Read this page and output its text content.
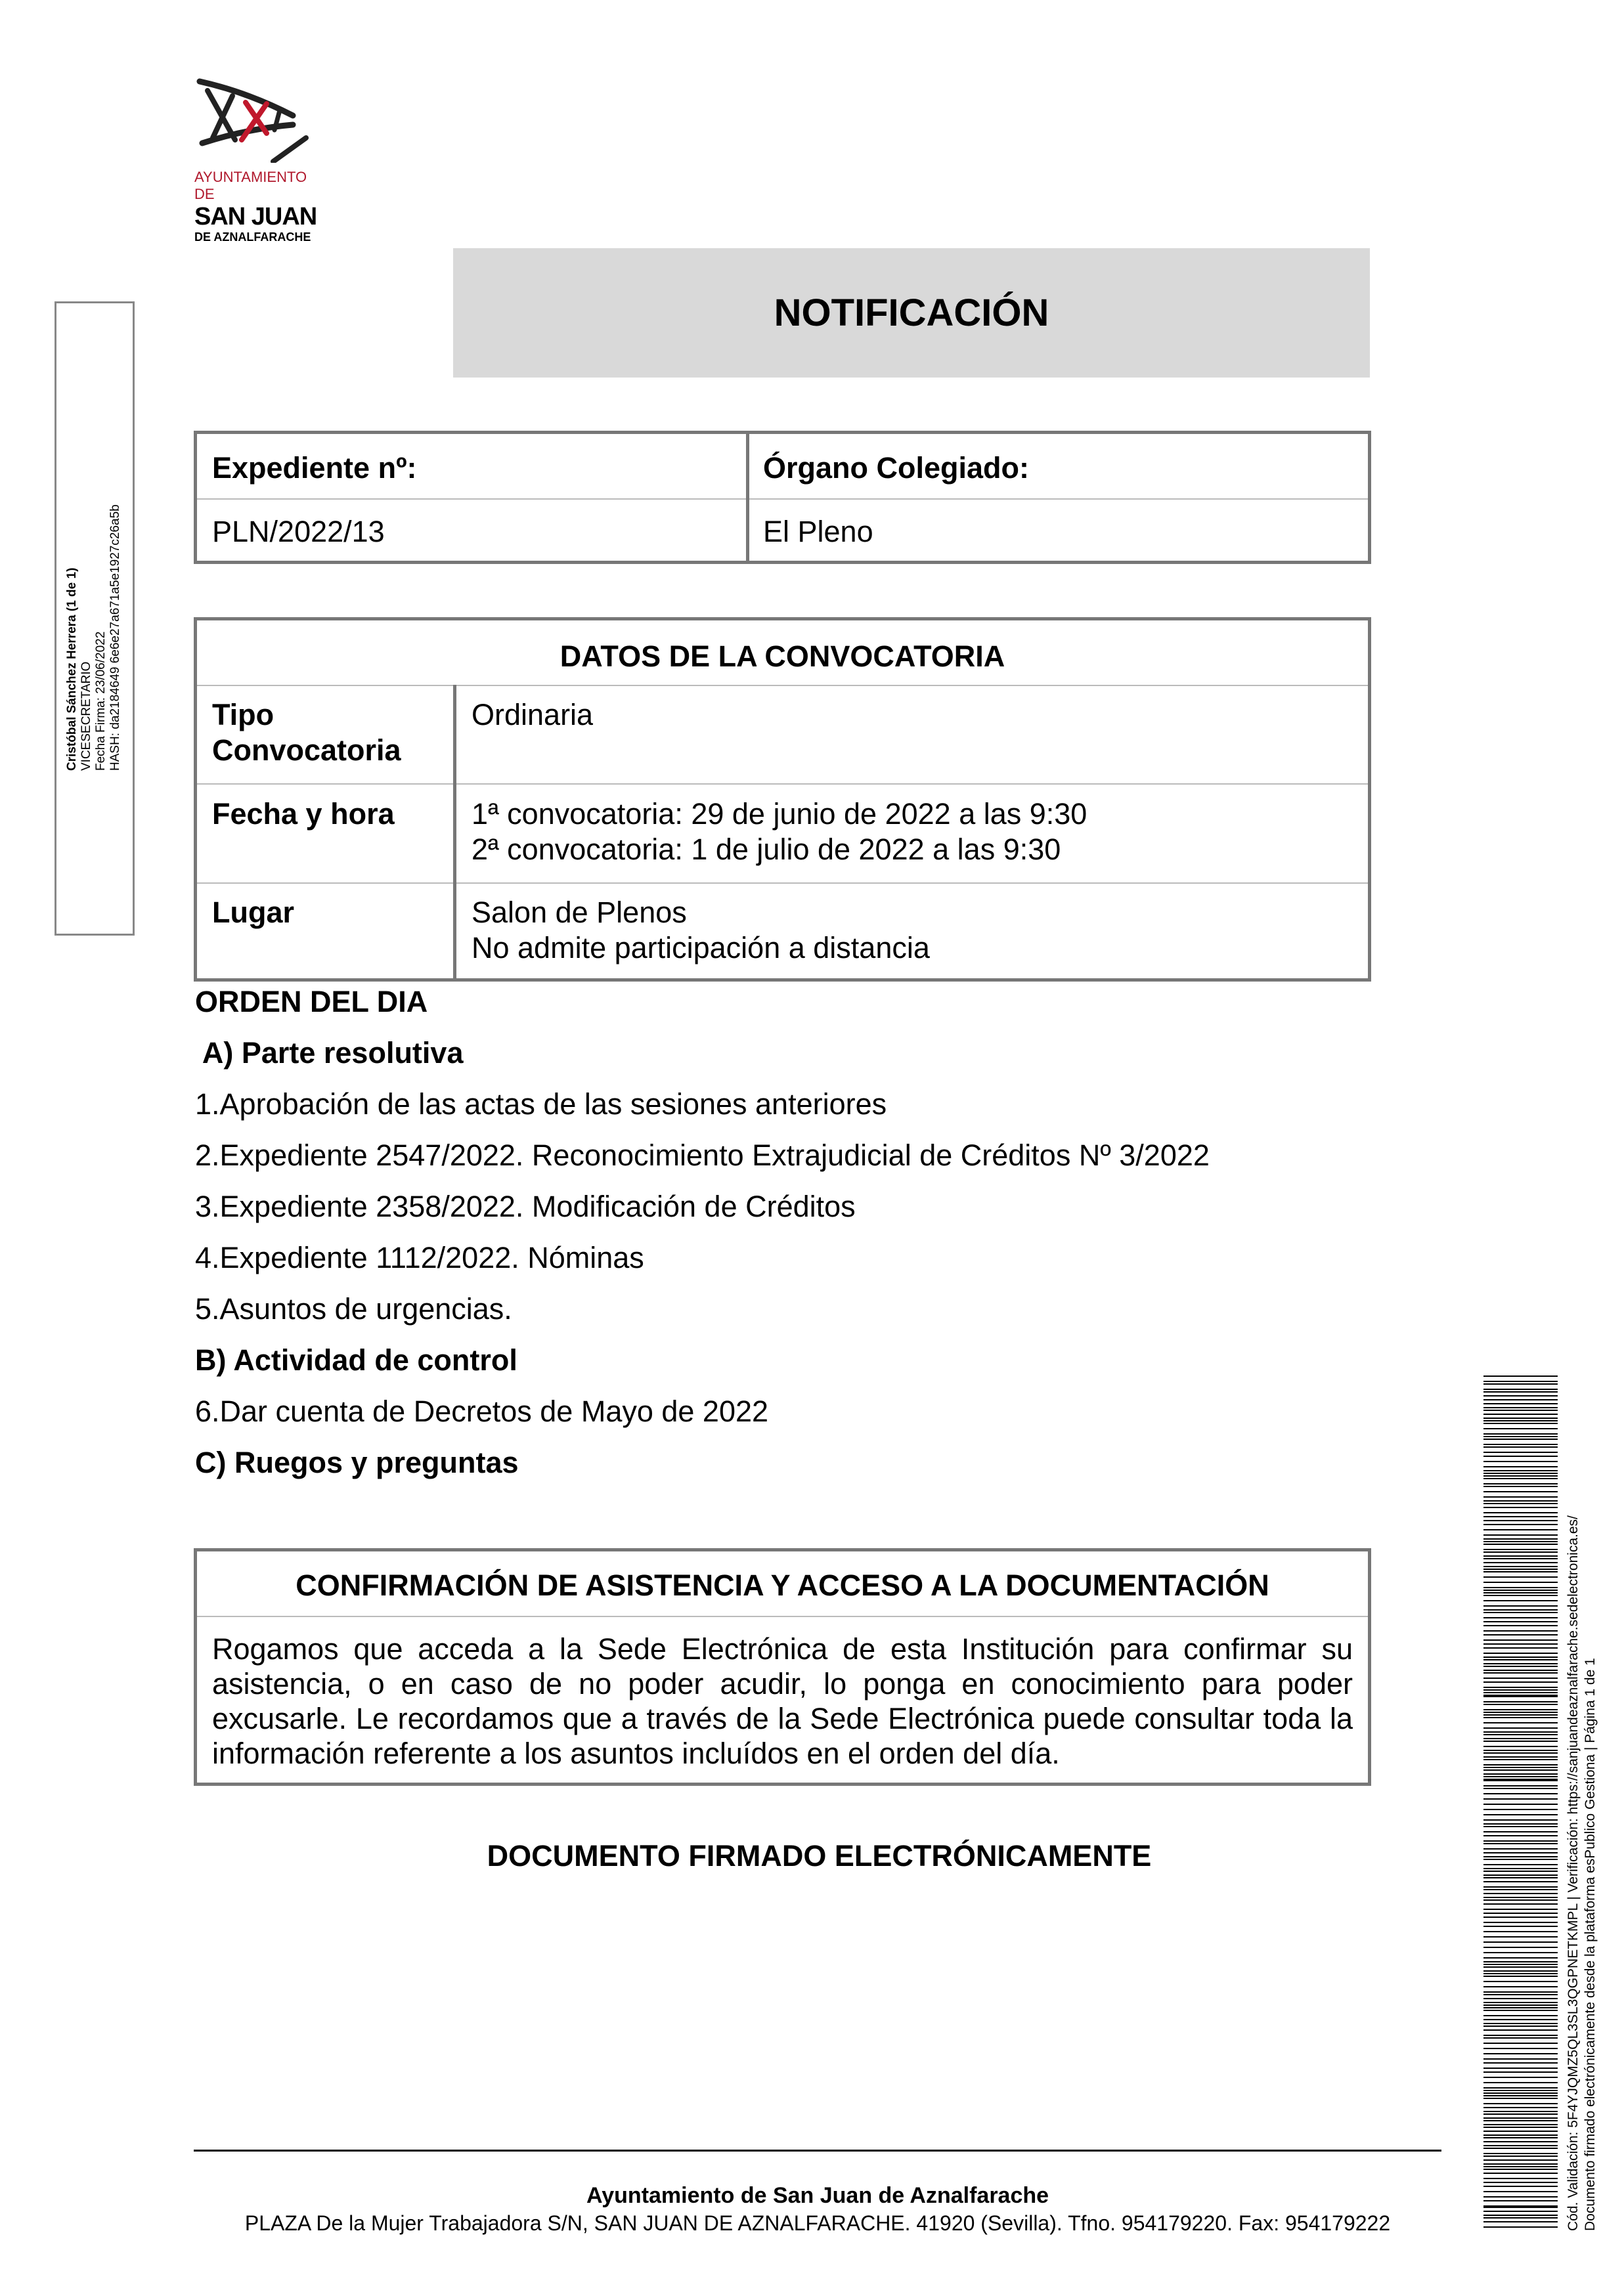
AYUNTAMIENTO DE
SAN JUAN
DE AZNALFARACHE
NOTIFICACIÓN
Expediente nº:
PLN/2022/13
Órgano Colegiado:
El Pleno
DATOS DE LA CONVOCATORIA
Tipo Convocatoria
Ordinaria
Fecha y hora	1ª convocatoria: 29 de junio de 2022 a las 9:30
2ª convocatoria: 1 de julio de 2022 a las 9:30
Lugar	Salon de Plenos
No admite participación a distancia
ORDEN DEL DIA
A) Parte resolutiva
1.Aprobación de las actas de las sesiones anteriores
2.Expediente 2547/2022. Reconocimiento Extrajudicial de Créditos Nº 3/2022
3.Expediente 2358/2022. Modificación de Créditos
4.Expediente 1112/2022. Nóminas
5.Asuntos de urgencias.
B) Actividad de control
6.Dar cuenta de Decretos de Mayo de 2022
C) Ruegos y preguntas
CONFIRMACIÓN DE ASISTENCIA Y ACCESO A LA DOCUMENTACIÓN
Rogamos que acceda a la Sede Electrónica de esta Institución para confirmar su asistencia, o en caso de no poder acudir, lo ponga en conocimiento para poder excusarle. Le recordamos que a través de la Sede Electrónica puede consultar toda la información referente a los asuntos incluídos en el orden del día.
DOCUMENTO FIRMADO ELECTRÓNICAMENTE
Ayuntamiento de San Juan de Aznalfarache
PLAZA De la Mujer Trabajadora S/N, SAN JUAN DE AZNALFARACHE. 41920 (Sevilla). Tfno. 954179220. Fax: 954179222
Cristóbal Sánchez Herrera (1 de 1) VICESECRETARIO Fecha Firma: 23/06/2022 HASH: da2184649 6e6e27a671a5e1927c26a5b
Cód. Validación: 5F4YJQMZ5QL3SL3QGPNETKMPL | Verificación: https://sanjuandeaznalfarache.sedelectronica.es/ Documento firmado electrónicamente desde la plataforma esPublico Gestiona | Página 1 de 1
